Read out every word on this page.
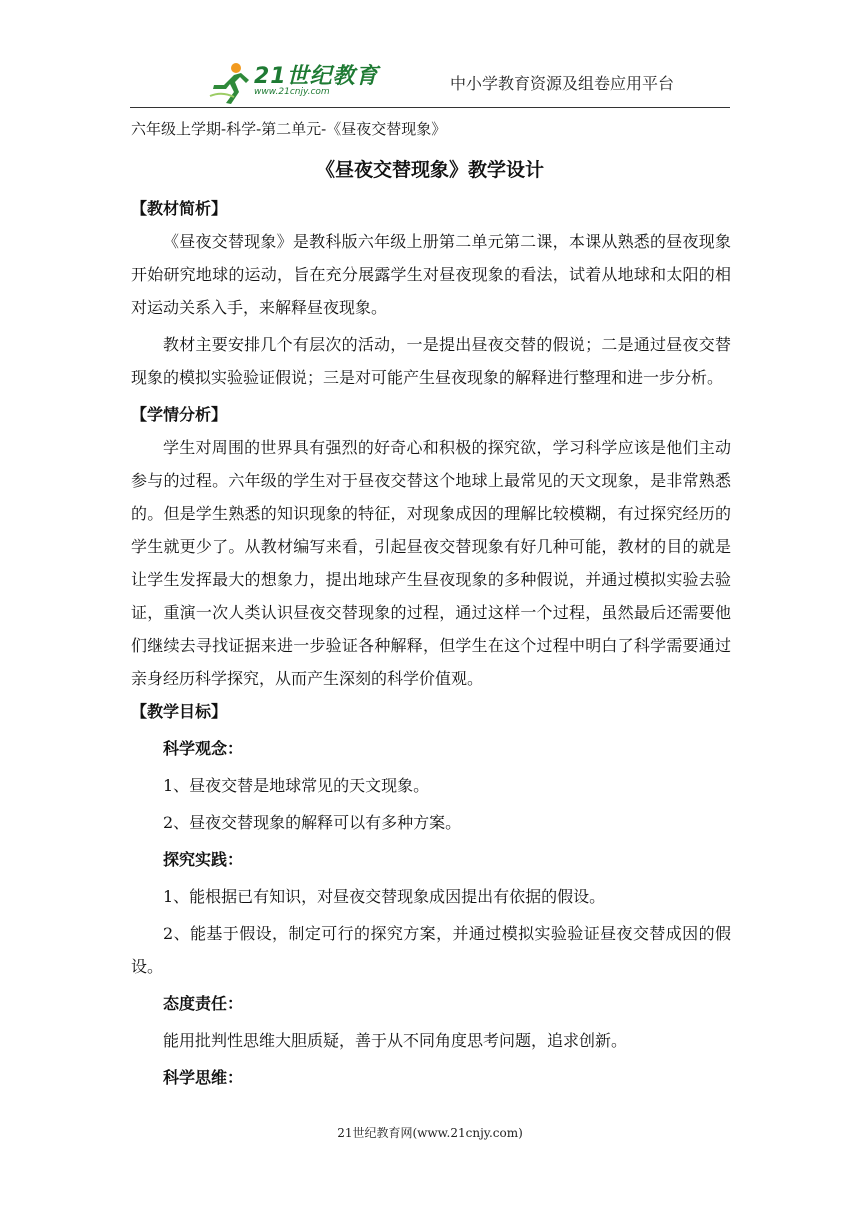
21世纪教育
www.21cnjy.com	中小学教育资源及组卷应用平台
六年级上学期-科学-第二单元-《昼夜交替现象》
《昼夜交替现象》教学设计

【教材简析】

《昼夜交替现象》是教科版六年级上册第二单元第二课，本课从熟悉的昼夜现象开始研究地球的运动，旨在充分展露学生对昼夜现象的看法，试着从地球和太阳的相对运动关系入手，来解释昼夜现象。

教材主要安排几个有层次的活动，一是提出昼夜交替的假说；二是通过昼夜交替现象的模拟实验验证假说；三是对可能产生昼夜现象的解释进行整理和进一步分析。

【学情分析】

学生对周围的世界具有强烈的好奇心和积极的探究欲，学习科学应该是他们主动参与的过程。六年级的学生对于昼夜交替这个地球上最常见的天文现象，是非常熟悉的。但是学生熟悉的知识现象的特征，对现象成因的理解比较模糊，有过探究经历的学生就更少了。从教材编写来看，引起昼夜交替现象有好几种可能，教材的目的就是让学生发挥最大的想象力，提出地球产生昼夜现象的多种假说，并通过模拟实验去验证，重演一次人类认识昼夜交替现象的过程，通过这样一个过程，虽然最后还需要他们继续去寻找证据来进一步验证各种解释，但学生在这个过程中明白了科学需要通过亲身经历科学探究，从而产生深刻的科学价值观。

【教学目标】

科学观念：

1、昼夜交替是地球常见的天文现象。

2、昼夜交替现象的解释可以有多种方案。

探究实践：

1、能根据已有知识，对昼夜交替现象成因提出有依据的假设。

2、能基于假设，制定可行的探究方案，并通过模拟实验验证昼夜交替成因的假设。

态度责任：

能用批判性思维大胆质疑，善于从不同角度思考问题，追求创新。

科学思维：

21世纪教育网(www.21cnjy.com)
